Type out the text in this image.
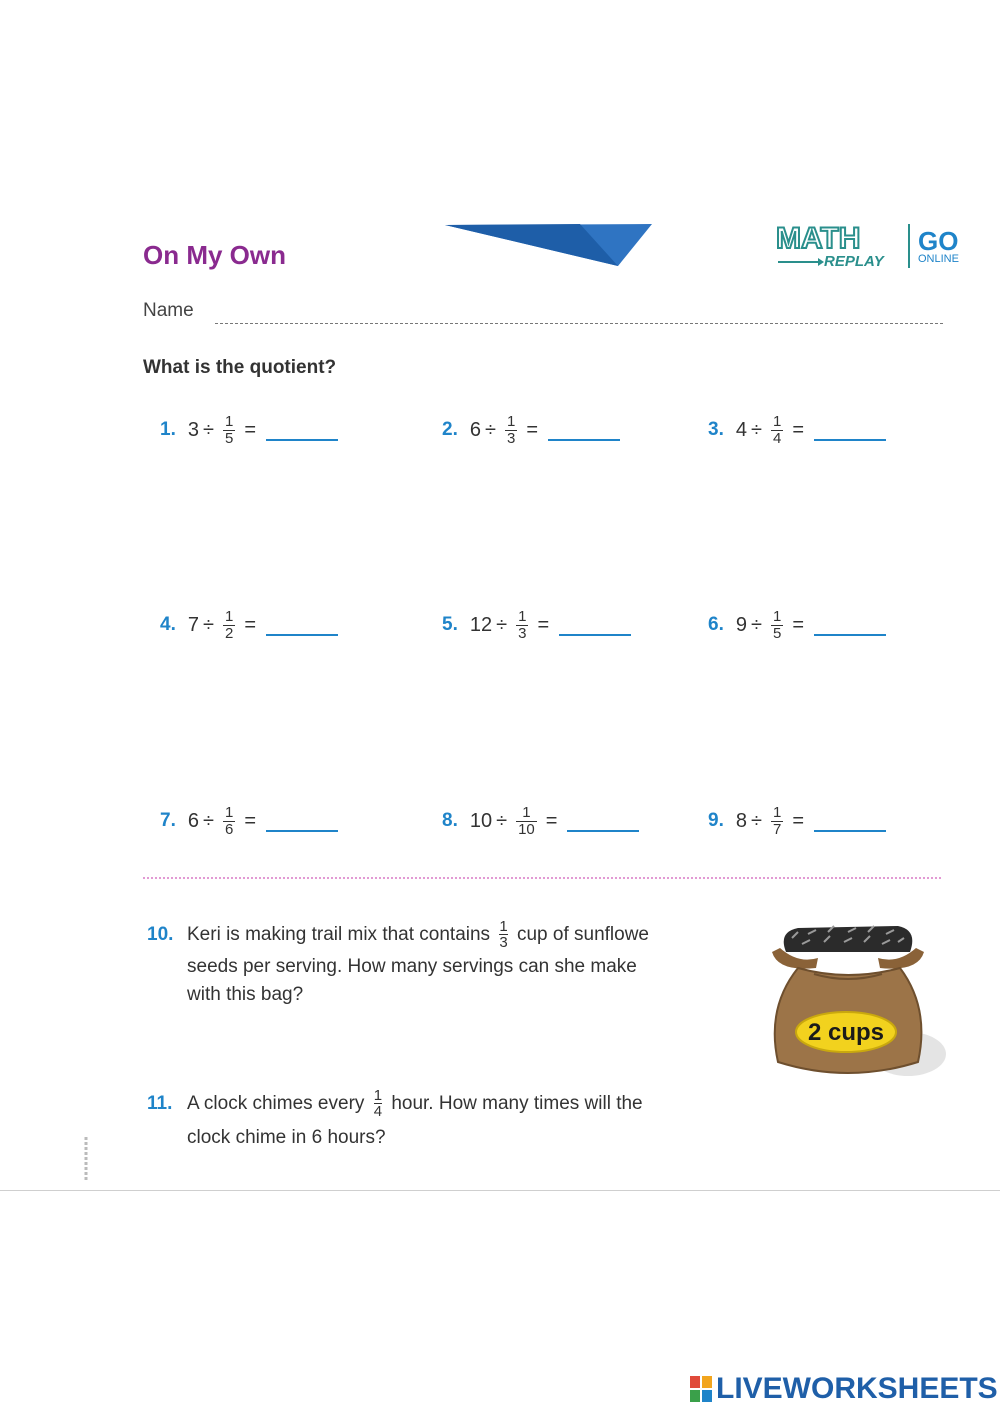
On My Own	MATH
REPLAY
GO
ONLINE
Name
What is the quotient?
1. $3 \div \frac{1}{5}$ =	2. $6 \div \frac{1}{3}$ =	3. $4 \div \frac{1}{4}$ =
4. $7 \div \frac{1}{2}$ =	5. $12 \div \frac{1}{3}$ =	6. $9 \div \frac{1}{5}$ =
7. $6 \div \frac{1}{6}$ =	8. $10 \div \frac{1}{10}$ =	9. $8 \div \frac{1}{7}$ =
10. Keri is making trail mix that contains $\frac{1}{3}$ cup of sunflowe
seeds per serving. How many servings can she make
with this bag?
2 cups
11. A clock chimes every $\frac{1}{4}$ hour. How many times will the
clock chime in 6 hours?
LIVEWORKSHEETS
